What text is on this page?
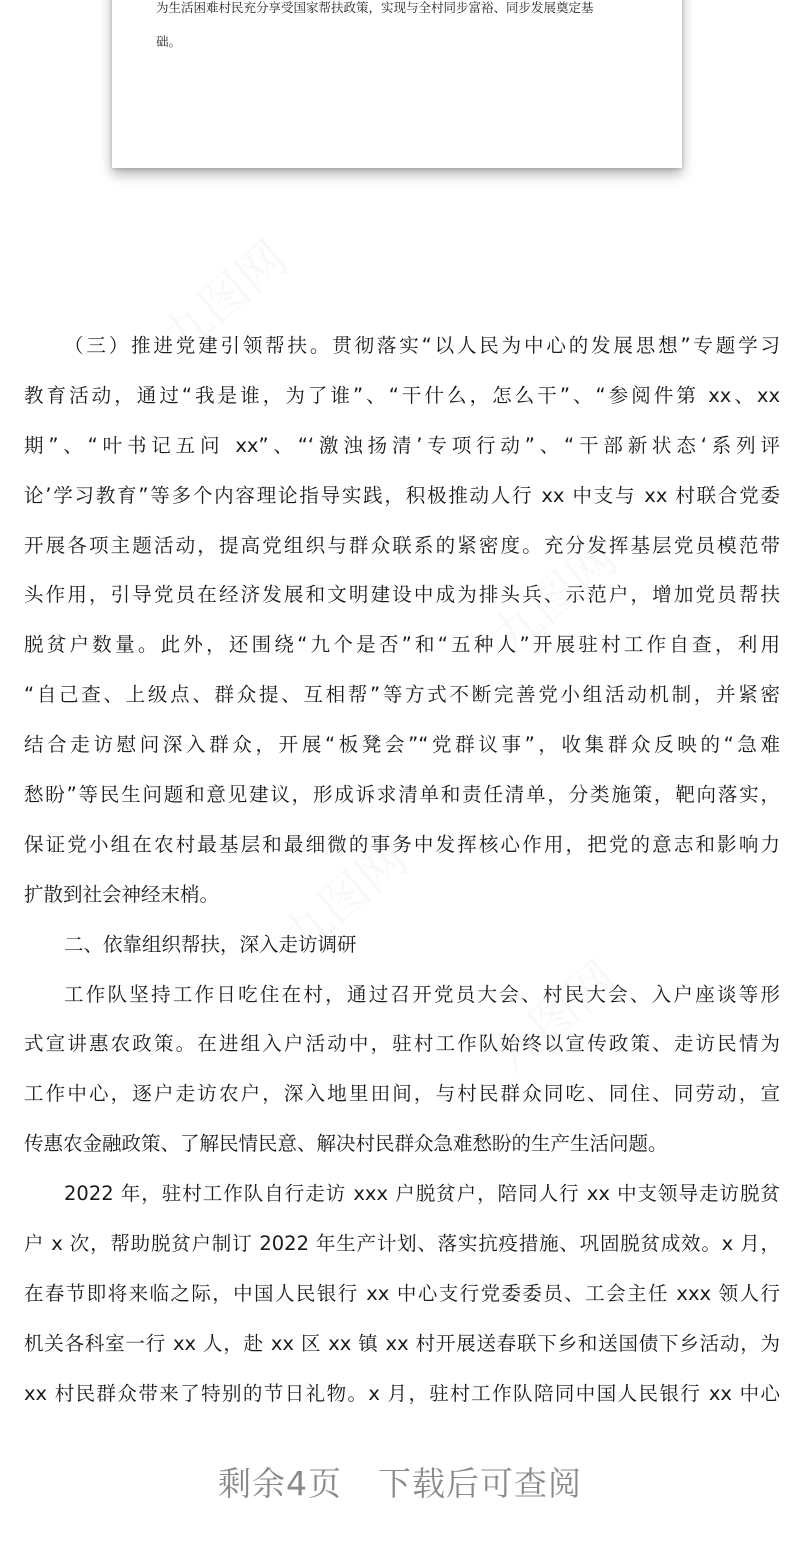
九图网
九图网
九图网
九图网
为生活困难村民充分享受国家帮扶政策，实现与全村同步富裕、同步发展奠定基
础。
（三）推进党建引领帮扶。贯彻落实“以人民为中心的发展思想”专题学习
教育活动，通过“我是谁，为了谁”、“干什么，怎么干”、“参阅件第 xx、xx
期”、“叶书记五问 xx”、“‘激浊扬清’专项行动”、“干部新状态‘系列评
论’学习教育”等多个内容理论指导实践，积极推动人行 xx 中支与 xx 村联合党委
开展各项主题活动，提高党组织与群众联系的紧密度。充分发挥基层党员模范带
头作用，引导党员在经济发展和文明建设中成为排头兵、示范户，增加党员帮扶
脱贫户数量。此外，还围绕“九个是否”和“五种人”开展驻村工作自查，利用
“自己查、上级点、群众提、互相帮”等方式不断完善党小组活动机制，并紧密
结合走访慰问深入群众，开展“板凳会”“党群议事”，收集群众反映的“急难
愁盼”等民生问题和意见建议，形成诉求清单和责任清单，分类施策，靶向落实，
保证党小组在农村最基层和最细微的事务中发挥核心作用，把党的意志和影响力
扩散到社会神经末梢。
二、依靠组织帮扶，深入走访调研
工作队坚持工作日吃住在村，通过召开党员大会、村民大会、入户座谈等形
式宣讲惠农政策。在进组入户活动中，驻村工作队始终以宣传政策、走访民情为
工作中心，逐户走访农户，深入地里田间，与村民群众同吃、同住、同劳动，宣
传惠农金融政策、了解民情民意、解决村民群众急难愁盼的生产生活问题。
2022 年，驻村工作队自行走访 xxx 户脱贫户，陪同人行 xx 中支领导走访脱贫
户 x 次，帮助脱贫户制订 2022 年生产计划、落实抗疫措施、巩固脱贫成效。x 月，
在春节即将来临之际，中国人民银行 xx 中心支行党委委员、工会主任 xxx 领人行
机关各科室一行 xx 人，赴 xx 区 xx 镇 xx 村开展送春联下乡和送国债下乡活动，为
xx 村民群众带来了特别的节日礼物。x 月，驻村工作队陪同中国人民银行 xx 中心
剩余4页 下载后可查阅
